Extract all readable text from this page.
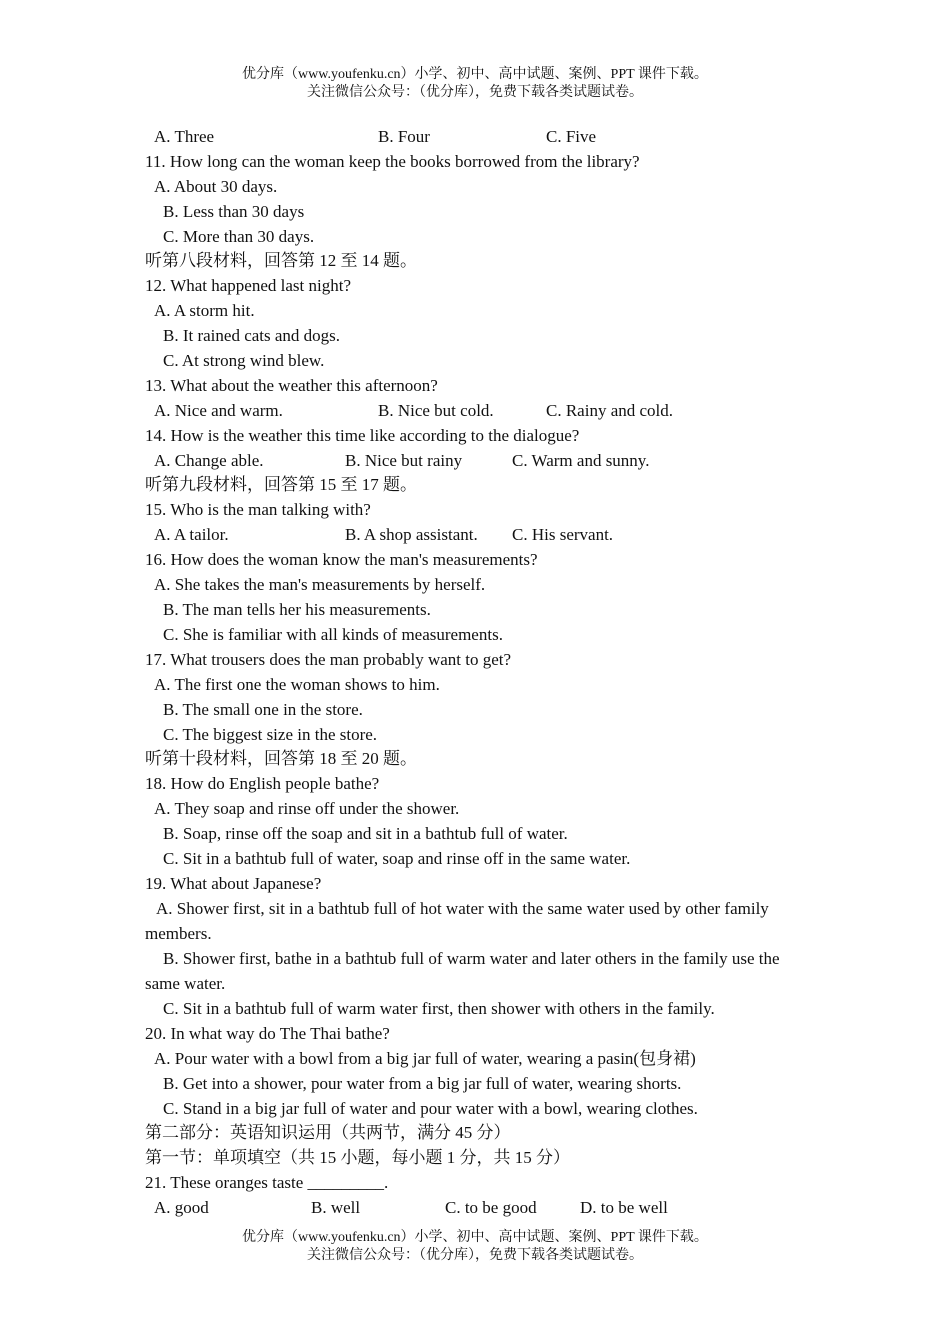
优分库（www.youfenku.cn）小学、初中、高中试题、案例、PPT 课件下载。
关注微信公众号：（优分库），免费下载各类试题试卷。
A. Three	B. Four	C. Five
11. How long can the woman keep the books borrowed from the library?
A. About 30 days.
B. Less than 30 days
C. More than 30 days.
听第八段材料，回答第 12 至 14 题。
12. What happened last night?
A. A storm hit.
B. It rained cats and dogs.
C. At strong wind blew.
13. What about the weather this afternoon?
A. Nice and warm.	B. Nice but cold.	C. Rainy and cold.
14. How is the weather this time like according to the dialogue?
A. Change able.	B. Nice but rainy	C. Warm and sunny.
听第九段材料，回答第 15 至 17 题。
15. Who is the man talking with?
A. A tailor.	B. A shop assistant. C. His servant.
16. How does the woman know the man's measurements?
A. She takes the man's measurements by herself.
B. The man tells her his measurements.
C. She is familiar with all kinds of measurements.
17. What trousers does the man probably want to get?
A. The first one the woman shows to him.
B. The small one in the store.
C. The biggest size in the store.
听第十段材料，回答第 18 至 20 题。
18. How do English people bathe?
A. They soap and rinse off under the shower.
B. Soap, rinse off the soap and sit in a bathtub full of water.
C. Sit in a bathtub full of water, soap and rinse off in the same water.
19. What about Japanese?
A. Shower first, sit in a bathtub full of hot water with the same water used by other family members.
B. Shower first, bathe in a bathtub full of warm water and later others in the family use the same water.
C. Sit in a bathtub full of warm water first, then shower with others in the family.
20. In what way do The Thai bathe?
A. Pour water with a bowl from a big jar full of water, wearing a pasin(包身裙)
B. Get into a shower, pour water from a big jar full of water, wearing shorts.
C. Stand in a big jar full of water and pour water with a bowl, wearing clothes.
第二部分：英语知识运用（共两节，满分 45 分）
第一节：单项填空（共 15 小题，每小题 1 分，共 15 分）
21. These oranges taste _________.
A. good	B. well	C. to be good	D. to be well
优分库（www.youfenku.cn）小学、初中、高中试题、案例、PPT 课件下载。
关注微信公众号：（优分库），免费下载各类试题试卷。
